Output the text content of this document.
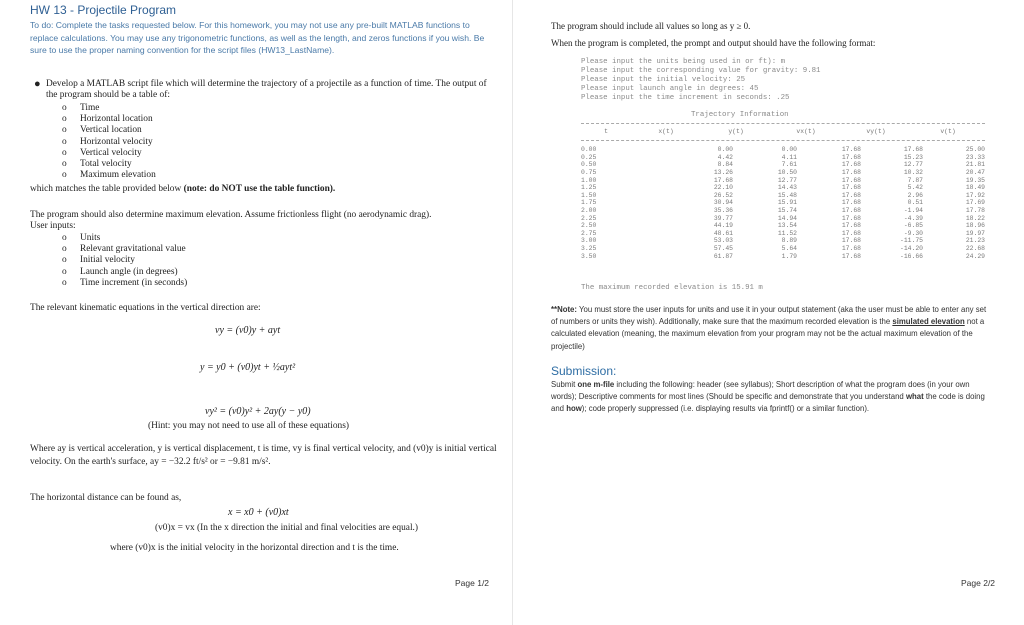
HW 13 - Projectile Program
To do: Complete the tasks requested below. For this homework, you may not use any pre-built MATLAB functions to replace calculations. You may use any trigonometric functions, as well as the length, and zeros functions if you wish. Be sure to use the proper naming convention for the script files (HW13_LastName).
● Develop a MATLAB script file which will determine the trajectory of a projectile as a function of time. The output of the program should be a table of:
o Time
o Horizontal location
o Vertical location
o Horizontal velocity
o Vertical velocity
o Total velocity
o Maximum elevation
which matches the table provided below (note: do NOT use the table function).
The program should also determine maximum elevation. Assume frictionless flight (no aerodynamic drag).
User inputs:
o Units
o Relevant gravitational value
o Initial velocity
o Launch angle (in degrees)
o Time increment (in seconds)
The relevant kinematic equations in the vertical direction are:
vy = (v0)y + ayt
y = y0 + (v0)yt + ½ayt²
vy² = (v0)y² + 2ay(y − y0)
(Hint: you may not need to use all of these equations)
Where ay is vertical acceleration, y is vertical displacement, t is time, vy is final vertical velocity, and (v0)y is initial vertical velocity. On the earth's surface, ay = −32.2 ft/s² or = −9.81 m/s².
The horizontal distance can be found as,
x = x0 + (v0)xt
(v0)x = vx (In the x direction the initial and final velocities are equal.)
where (v0)x is the initial velocity in the horizontal direction and t is the time.
Page 1/2
The program should include all values so long as y ≥ 0.
When the program is completed, the prompt and output should have the following format:
Please input the units being used in or ft): m
Please input the corresponding value for gravity: 9.81
Please input the initial velocity: 25
Please input launch angle in degrees: 45
Please input the time increment in seconds: .25
Trajectory Information
t	x(t)	y(t)	vx(t)	vy(t)	v(t)
0.00		0.00	0.00	17.68	17.68	25.00
0.25		4.42	4.11	17.68	15.23	23.33
0.50		8.84	7.61	17.68	12.77	21.81
0.75		13.26	10.50	17.68	10.32	20.47
1.00		17.68	12.77	17.68	7.87	19.35
1.25		22.10	14.43	17.68	5.42	18.49
1.50		26.52	15.48	17.68	2.96	17.92
1.75		30.94	15.91	17.68	0.51	17.69
2.00		35.36	15.74	17.68	-1.94	17.78
2.25		39.77	14.94	17.68	-4.39	18.22
2.50		44.19	13.54	17.68	-6.85	18.96
2.75		48.61	11.52	17.68	-9.30	19.97
3.00		53.03	8.89	17.68	-11.75	21.23
3.25		57.45	5.64	17.68	-14.20	22.68
3.50		61.87	1.79	17.68	-16.66	24.29
The maximum recorded elevation is 15.91 m
**Note: You must store the user inputs for units and use it in your output statement (aka the user must be able to enter any set of numbers or units they wish). Additionally, make sure that the maximum recorded elevation is the simulated elevation not a calculated elevation (meaning, the maximum elevation from your program may not be the actual maximum elevation of the projectile)
Submission:
Submit one m-file including the following: header (see syllabus); Short description of what the program does (in your own words); Descriptive comments for most lines (Should be specific and demonstrate that you understand what the code is doing and how); code properly suppressed (i.e. displaying results via fprintf() or a similar function).
Page 2/2
